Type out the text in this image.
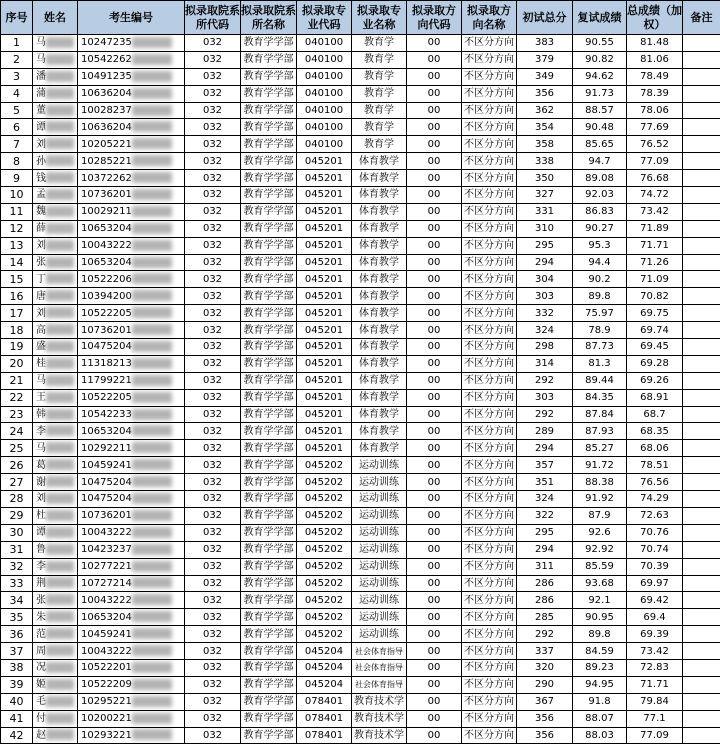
序号	姓名	考生编号	拟录取院系所代码	拟录取院系所名称	拟录取专业代码	拟录取专业名称	拟录取方向代码	拟录取方向名称	初试总分	复试成绩	总成绩（加权）	备注
1	马	10247235	032	教育学学部	040100	教育学	00	不区分方向	383	90.55	81.48	
2	马	10542262	032	教育学学部	040100	教育学	00	不区分方向	379	90.82	81.06	
3	潘	10491235	032	教育学学部	040100	教育学	00	不区分方向	349	94.62	78.49	
4	蒲	10636204	032	教育学学部	040100	教育学	00	不区分方向	356	91.73	78.39	
5	董	10028237	032	教育学学部	040100	教育学	00	不区分方向	362	88.57	78.06	
6	谭	10636204	032	教育学学部	040100	教育学	00	不区分方向	354	90.48	77.69	
7	刘	10205221	032	教育学学部	040100	教育学	00	不区分方向	358	85.65	76.52	
8	孙	10285221	032	教育学学部	045201	体育教学	00	不区分方向	338	94.7	77.09	
9	钱	10372262	032	教育学学部	045201	体育教学	00	不区分方向	350	89.08	76.68	
10	孟	10736201	032	教育学学部	045201	体育教学	00	不区分方向	327	92.03	74.72	
11	魏	10029211	032	教育学学部	045201	体育教学	00	不区分方向	331	86.83	73.42	
12	薛	10653204	032	教育学学部	045201	体育教学	00	不区分方向	310	90.27	71.89	
13	刘	10043222	032	教育学学部	045201	体育教学	00	不区分方向	295	95.3	71.71	
14	张	10653204	032	教育学学部	045201	体育教学	00	不区分方向	294	94.4	71.26	
15	丁	10522206	032	教育学学部	045201	体育教学	00	不区分方向	304	90.2	71.09	
16	唐	10394200	032	教育学学部	045201	体育教学	00	不区分方向	303	89.8	70.82	
17	刘	10522205	032	教育学学部	045201	体育教学	00	不区分方向	332	75.97	69.75	
18	高	10736201	032	教育学学部	045201	体育教学	00	不区分方向	324	78.9	69.74	
19	盛	10475204	032	教育学学部	045201	体育教学	00	不区分方向	298	87.73	69.45	
20	桂	11318213	032	教育学学部	045201	体育教学	00	不区分方向	314	81.3	69.28	
21	马	11799221	032	教育学学部	045201	体育教学	00	不区分方向	292	89.44	69.26	
22	王	10522205	032	教育学学部	045201	体育教学	00	不区分方向	303	84.35	68.91	
23	韩	10542233	032	教育学学部	045201	体育教学	00	不区分方向	292	87.84	68.7	
24	李	10653204	032	教育学学部	045201	体育教学	00	不区分方向	289	87.93	68.35	
25	马	10292211	032	教育学学部	045201	体育教学	00	不区分方向	294	85.27	68.06	
26	葛	10459241	032	教育学学部	045202	运动训练	00	不区分方向	357	91.72	78.51	
27	谢	10475204	032	教育学学部	045202	运动训练	00	不区分方向	351	88.38	76.56	
28	刘	10475204	032	教育学学部	045202	运动训练	00	不区分方向	324	91.92	74.29	
29	杜	10736201	032	教育学学部	045202	运动训练	00	不区分方向	322	87.9	72.63	
30	谭	10043222	032	教育学学部	045202	运动训练	00	不区分方向	295	92.6	70.76	
31	鲁	10423237	032	教育学学部	045202	运动训练	00	不区分方向	294	92.92	70.74	
32	李	10277221	032	教育学学部	045202	运动训练	00	不区分方向	311	85.59	70.39	
33	荆	10727214	032	教育学学部	045202	运动训练	00	不区分方向	286	93.68	69.97	
34	张	10043222	032	教育学学部	045202	运动训练	00	不区分方向	286	92.1	69.42	
35	朱	10653204	032	教育学学部	045202	运动训练	00	不区分方向	285	90.95	69.4	
36	范	10459241	032	教育学学部	045202	运动训练	00	不区分方向	292	89.8	69.39	
37	周	10043222	032	教育学学部	045204	社会体育指导	00	不区分方向	337	84.59	73.42	
38	况	10522201	032	教育学学部	045204	社会体育指导	00	不区分方向	320	89.23	72.83	
39	姬	10522209	032	教育学学部	045204	社会体育指导	00	不区分方向	290	94.95	71.71	
40	毛	10295221	032	教育学学部	078401	教育技术学	00	不区分方向	367	91.8	79.84	
41	付	10200221	032	教育学学部	078401	教育技术学	00	不区分方向	356	88.07	77.1	
42	赵	10293221	032	教育学学部	078401	教育技术学	00	不区分方向	356	88.03	77.09	
